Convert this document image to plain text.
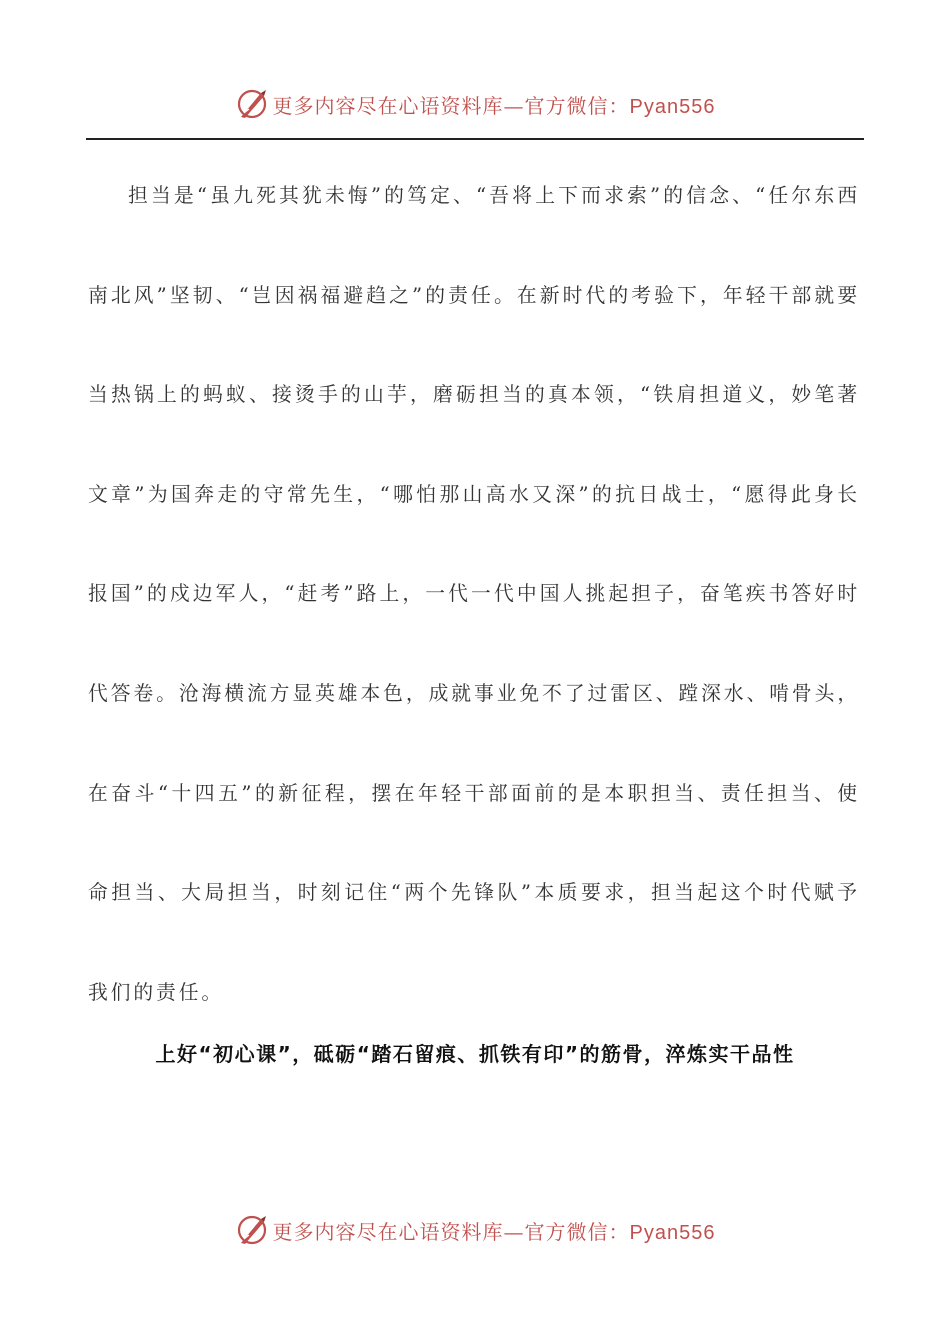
更多内容尽在心语资料库—官方微信：Pyan556

担当是“虽九死其犹未悔”的笃定、“吾将上下而求索”的信念、“任尔东西南北风”坚韧、“岂因祸福避趋之”的责任。在新时代的考验下，年轻干部就要当热锅上的蚂蚁、接烫手的山芋，磨砺担当的真本领，“铁肩担道义，妙笔著文章”为国奔走的守常先生，“哪怕那山高水又深”的抗日战士，“愿得此身长报国”的戍边军人，“赶考”路上，一代一代中国人挑起担子，奋笔疾书答好时代答卷。沧海横流方显英雄本色，成就事业免不了过雷区、蹚深水、啃骨头，在奋斗“十四五”的新征程，摆在年轻干部面前的是本职担当、责任担当、使命担当、大局担当，时刻记住“两个先锋队”本质要求，担当起这个时代赋予我们的责任。

上好“初心课”，砥砺“踏石留痕、抓铁有印”的筋骨，淬炼实干品性
更多内容尽在心语资料库—官方微信：Pyan556
